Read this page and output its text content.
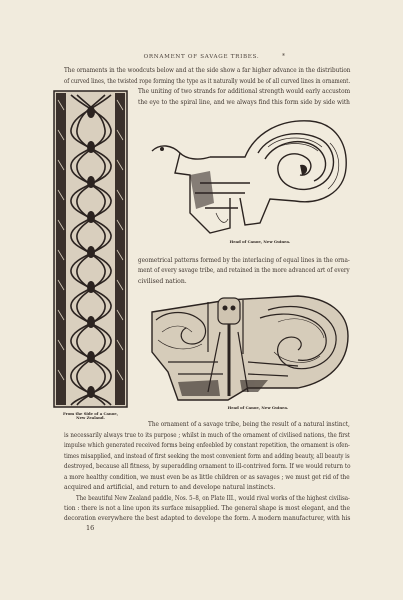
ORNAMENT OF SAVAGE TRIBES.	*
The ornaments in the woodcuts below and at the side show a far higher advance in the distribution
of curved lines, the twisted rope forming the type as it naturally would be of all curved lines in ornament.
The uniting of two strands for additional strength would early accustom
the eye to the spiral line, and we always find this form side by side with
From the Side of a Canoe,
New Zealand.
Head of Canoe, New Guinea.
geometrical patterns formed by the interlacing of equal lines in the orna-
ment of every savage tribe, and retained in the more advanced art of every
civilised nation.
Head of Canoe, New Guinea.
The ornament of a savage tribe, being the result of a natural instinct,
is necessarily always true to its purpose ; whilst in much of the ornament of civilised nations, the first
impulse which generated received forms being enfeebled by constant repetition, the ornament is ofen-
times misapplied, and instead of first seeking the most convenient form and adding beauty, all beauty is
destroyed, because all fitness, by superadding ornament to ill-contrived form. If we would return to
a more healthy condition, we must even be as little children or as savages ; we must get rid of the
acquired and artificial, and return to and develope natural instincts.
The beautiful New Zealand paddle, Nos. 5–8, on Plate III., would rival works of the highest civilisa-
tion : there is not a line upon its surface misapplied. The general shape is most elegant, and the
decoration everywhere the best adapted to develope the form. A modern manufacturer, with his
16
